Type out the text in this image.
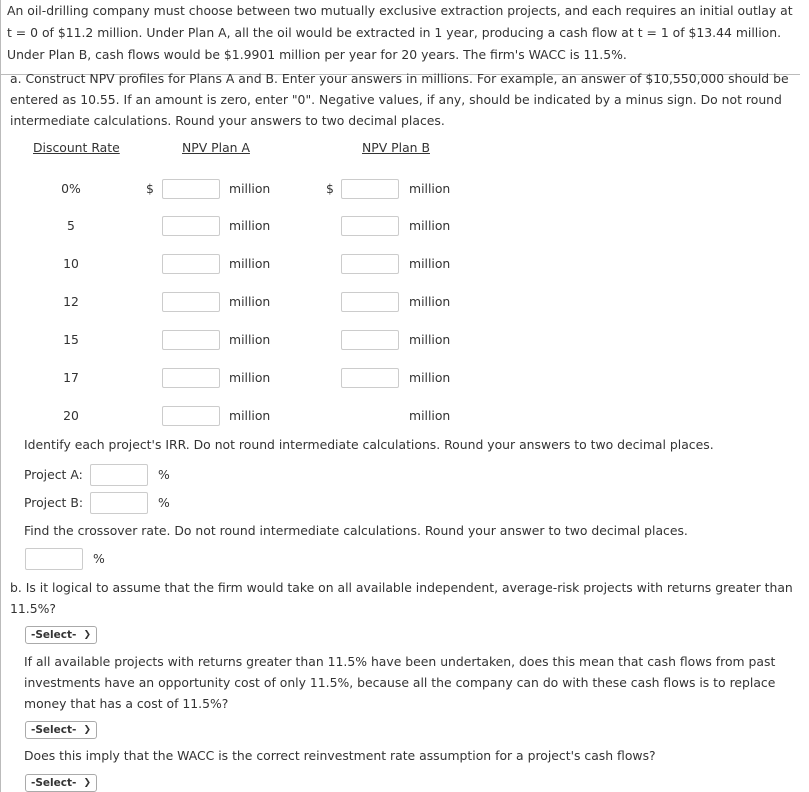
An oil-drilling company must choose between two mutually exclusive extraction projects, and each requires an initial outlay at t = 0 of $11.2 million. Under Plan A, all the oil would be extracted in 1 year, producing a cash flow at t = 1 of $13.44 million. Under Plan B, cash flows would be $1.9901 million per year for 20 years. The firm's WACC is 11.5%.
a. Construct NPV profiles for Plans A and B. Enter your answers in millions. For example, an answer of $10,550,000 should be entered as 10.55. If an amount is zero, enter "0". Negative values, if any, should be indicated by a minus sign. Do not round intermediate calculations. Round your answers to two decimal places.
Discount Rate	NPV Plan A	NPV Plan B
0%	$	million	$	million
5	million	million
10	million	million
12	million	million
15	million	million
17	million	million
20	million	million
Identify each project's IRR. Do not round intermediate calculations. Round your answers to two decimal places.
Project A:	%
Project B:	%
Find the crossover rate. Do not round intermediate calculations. Round your answer to two decimal places.
%
b. Is it logical to assume that the firm would take on all available independent, average-risk projects with returns greater than 11.5%?
-Select- ❯
If all available projects with returns greater than 11.5% have been undertaken, does this mean that cash flows from past investments have an opportunity cost of only 11.5%, because all the company can do with these cash flows is to replace money that has a cost of 11.5%?
-Select- ❯
Does this imply that the WACC is the correct reinvestment rate assumption for a project's cash flows?
-Select- ❯
